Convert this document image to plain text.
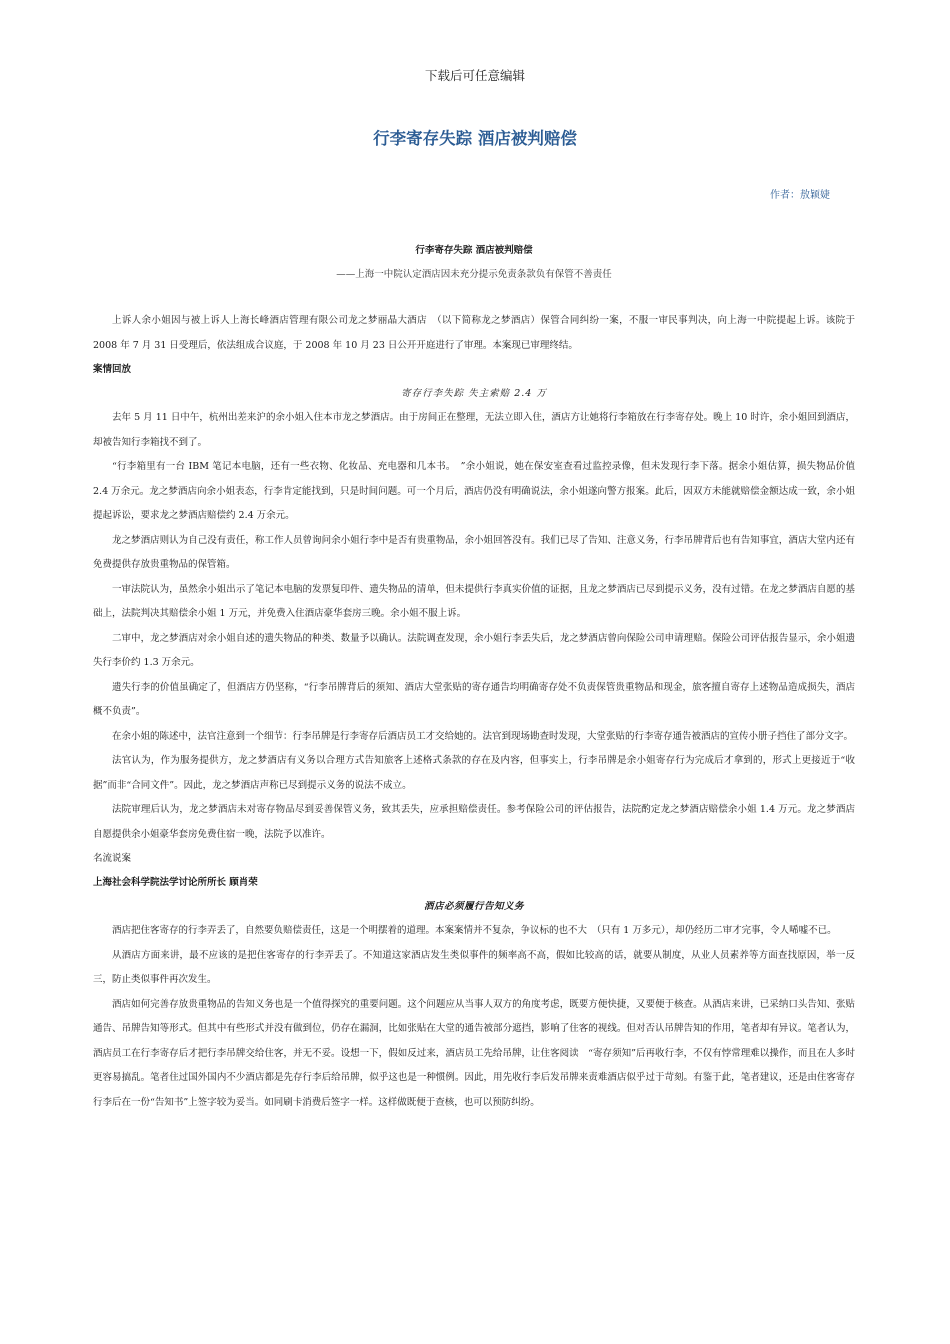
下载后可任意编辑
行李寄存失踪 酒店被判赔偿
作者：敖颖婕

行李寄存失踪 酒店被判赔偿

——上海一中院认定酒店因未充分提示免责条款负有保管不善责任

上诉人余小姐因与被上诉人上海长峰酒店管理有限公司龙之梦丽晶大酒店　（以下简称龙之梦酒店）保管合同纠纷一案，不服一审民事判决，向上海一中院提起上诉。该院于 2008 年 7 月 31 日受理后，依法组成合议庭，于 2008 年 10 月 23 日公开开庭进行了审理。本案现已审理终结。

案情回放

寄存行李失踪 失主索赔 2.4 万

去年 5 月 11 日中午，杭州出差来沪的余小姐入住本市龙之梦酒店。由于房间正在整理，无法立即入住，酒店方让她将行李箱放在行李寄存处。晚上 10 时许，余小姐回到酒店，却被告知行李箱找不到了。

“行李箱里有一台 IBM 笔记本电脑，还有一些衣物、化妆品、充电器和几本书。　”余小姐说，她在保安室查看过监控录像，但未发现行李下落。据余小姐估算，损失物品价值 2.4 万余元。龙之梦酒店向余小姐表态，行李肯定能找到，只是时间问题。可一个月后，酒店仍没有明确说法，余小姐遂向警方报案。此后，因双方未能就赔偿金额达成一致，余小姐提起诉讼，要求龙之梦酒店赔偿约 2.4 万余元。

龙之梦酒店则认为自己没有责任，称工作人员曾询问余小姐行李中是否有贵重物品，余小姐回答没有。我们已尽了告知、注意义务，行李吊牌背后也有告知事宜，酒店大堂内还有免费提供存放贵重物品的保管箱。

一审法院认为，虽然余小姐出示了笔记本电脑的发票复印件、遗失物品的清单，但未提供行李真实价值的证据，且龙之梦酒店已尽到提示义务，没有过错。在龙之梦酒店自愿的基础上，法院判决其赔偿余小姐 1 万元，并免费入住酒店豪华套房三晚。余小姐不服上诉。

二审中，龙之梦酒店对余小姐自述的遗失物品的种类、数量予以确认。法院调查发现，余小姐行李丢失后，龙之梦酒店曾向保险公司申请理赔。保险公司评估报告显示，余小姐遗失行李价约 1.3 万余元。

遗失行李的价值虽确定了，但酒店方仍坚称，“行李吊牌背后的须知、酒店大堂张贴的寄存通告均明确寄存处不负责保管贵重物品和现金，旅客擅自寄存上述物品造成损失，酒店概不负责”。

在余小姐的陈述中，法官注意到一个细节：行李吊牌是行李寄存后酒店员工才交给她的。法官到现场勘查时发现，大堂张贴的行李寄存通告被酒店的宣传小册子挡住了部分文字。

法官认为，作为服务提供方，龙之梦酒店有义务以合理方式告知旅客上述格式条款的存在及内容，但事实上，行李吊牌是余小姐寄存行为完成后才拿到的，形式上更接近于“收据”而非“合同文件”。因此，龙之梦酒店声称已尽到提示义务的说法不成立。

法院审理后认为，龙之梦酒店未对寄存物品尽到妥善保管义务，致其丢失，应承担赔偿责任。参考保险公司的评估报告，法院酌定龙之梦酒店赔偿余小姐 1.4 万元。龙之梦酒店自愿提供余小姐豪华套房免费住宿一晚，法院予以准许。

名流说案

上海社会科学院法学讨论所所长 顾肖荣

酒店必须履行告知义务

酒店把住客寄存的行李弄丢了，自然要负赔偿责任，这是一个明摆着的道理。本案案情并不复杂，争议标的也不大　（只有 1 万多元），却仍经历二审才完事，令人唏嘘不已。

从酒店方面来讲，最不应该的是把住客寄存的行李弄丢了。不知道这家酒店发生类似事件的频率高不高，假如比较高的话，就要从制度，从业人员素养等方面查找原因，举一反三，防止类似事件再次发生。

酒店如何完善存放贵重物品的告知义务也是一个值得探究的重要问题。这个问题应从当事人双方的角度考虑，既要方便快捷，又要便于核查。从酒店来讲，已采纳口头告知、张贴通告、吊牌告知等形式。但其中有些形式并没有做到位，仍存在漏洞，比如张贴在大堂的通告被部分遮挡，影响了住客的视线。但对否认吊牌告知的作用，笔者却有异议。笔者认为，酒店员工在行李寄存后才把行李吊牌交给住客，并无不妥。设想一下，假如反过来，酒店员工先给吊牌，让住客阅读　“寄存须知”后再收行李，不仅有悖常理难以操作，而且在人多时更容易搞乱。笔者住过国外国内不少酒店都是先存行李后给吊牌，似乎这也是一种惯例。因此，用先收行李后发吊牌来责难酒店似乎过于苛刻。有鉴于此，笔者建议，还是由住客寄存行李后在一份“告知书”上签字较为妥当。如同刷卡消费后签字一样。这样做既便于查核，也可以预防纠纷。
